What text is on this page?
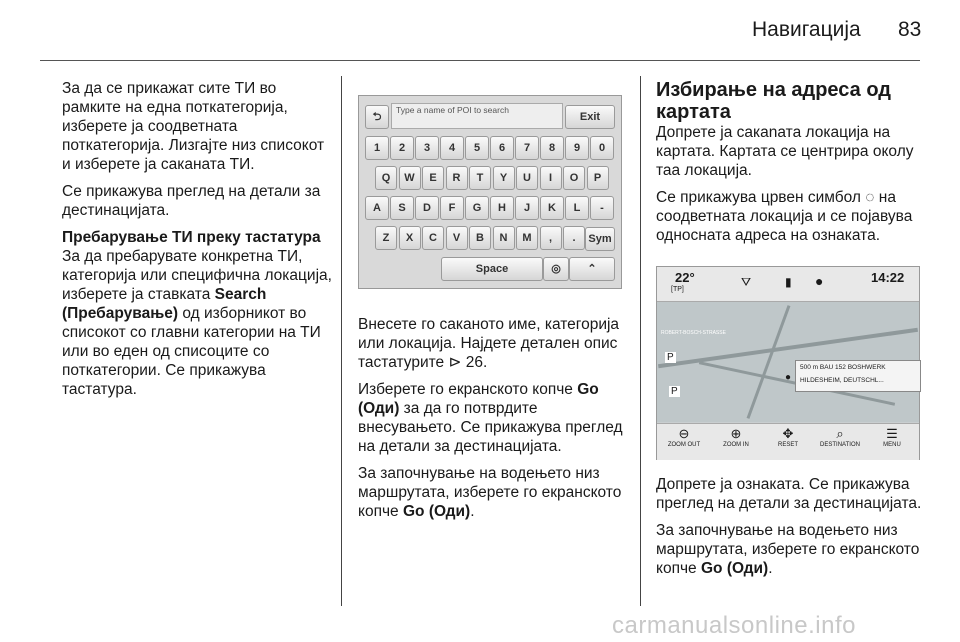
Навигација 83

За да се прикажат сите ТИ во рамките на една поткатегорија, изберете ја соодветната поткатегорија. Лизгајте низ списокот и изберете ја саканата ТИ.

Се прикажува преглед на детали за дестинацијата.

Пребарување ТИ преку тастатура

За да пребарувате конкретна ТИ, категорија или специфична локација, изберете ја ставката Search (Пребарување) од изборникот во списокот со главни категории на ТИ или во еден од списоците со поткатегории. Се прикажува тастатура.

⮌
Type a name of POI to search
Exit
1	2	3	4	5	6	7	8	9	0
Q	W	E	R	T	Y	U	I	O	P
A	S	D	F	G	H	J	K	L	-
Z	X	C	V	B	N	M	,	.	Sym
Space	◎	⌃

Внесете го саканото име, категорија или локација. Најдете детален опис тастатурите ⊳ 26.

Изберете го екранското копче Go (Оди) за да го потврдите внесувањето. Се прикажува преглед на детали за дестинацијата.

За започнување на водењето низ маршрутата, изберете го екранското копче Go (Оди).

Избирање на адреса од картата

Допрете ја сакаnата локација на картата. Картата се центрира околу таа локација.

Се прикажува црвен симбол ◌ на соодветната локација и се појавува односната адреса на ознаката.

22°
[TP]
⛛	▮ ●	14:22
ROBERT-BOSCH-STRASSE
P
P
500 m BAU 152 BOSHWERK
HILDESHEIM, DEUTSCHL...
●
⊖
ZOOM OUT
⊕
ZOOM IN
✥
RESET
⌕
DESTINATION
☰
MENU

Допрете ја ознаката. Се прикажува преглед на детали за дестинацијата.

За започнување на водењето низ маршрутата, изберете го екранското копче Go (Оди).

carmanualsonline.info
